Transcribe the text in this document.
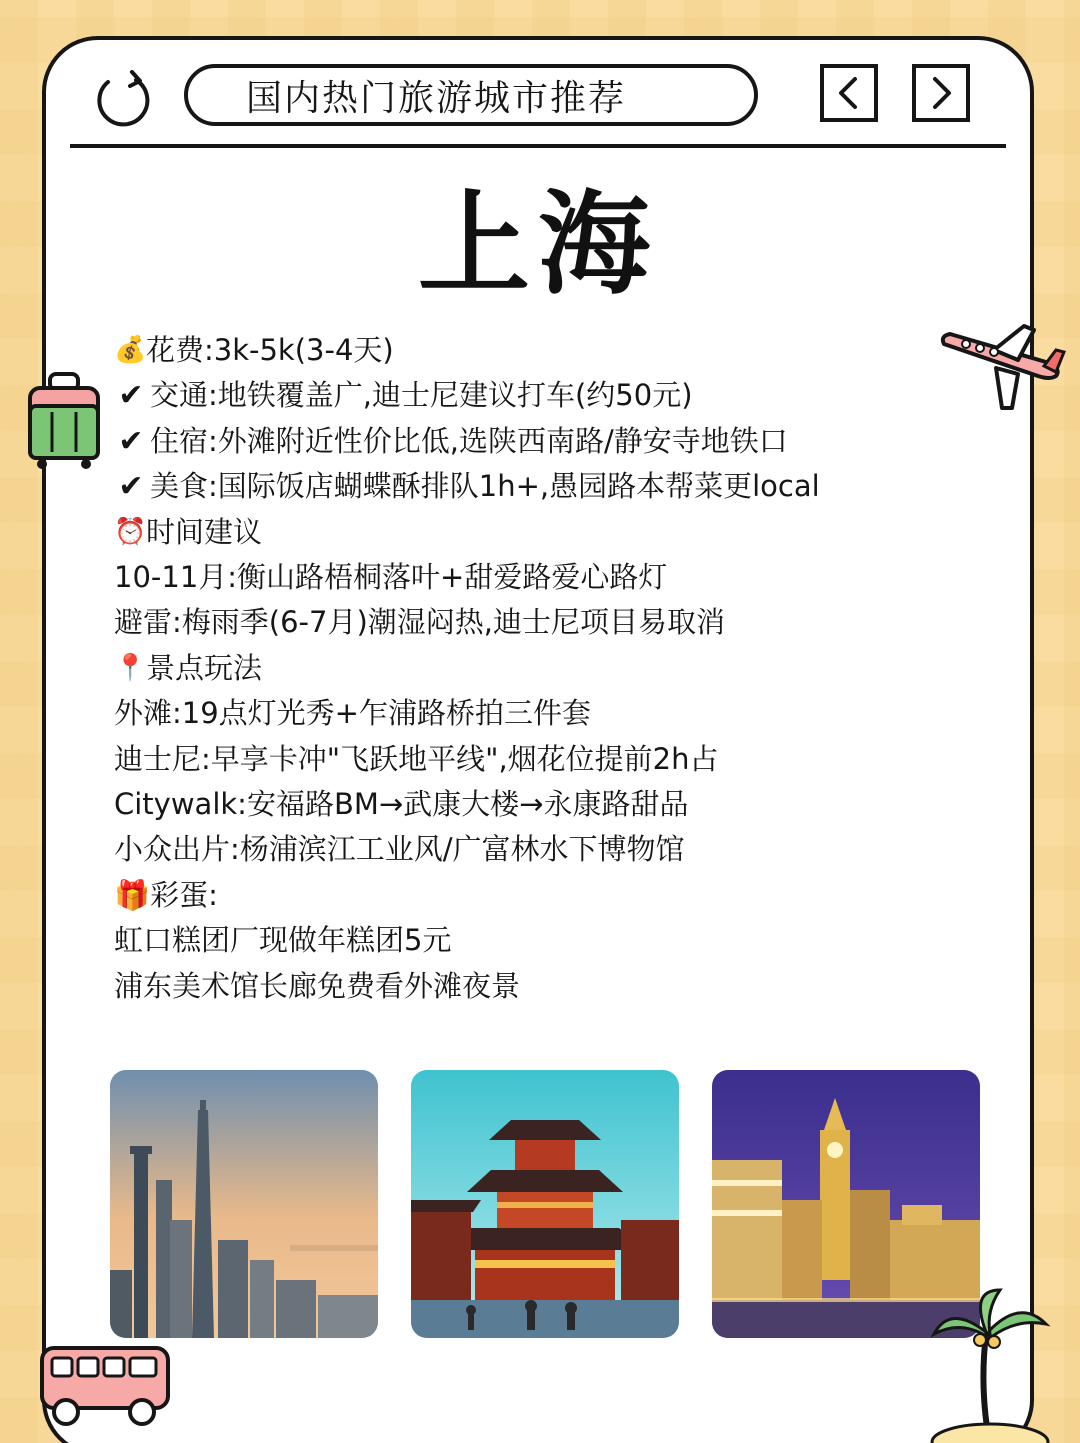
国内热门旅游城市推荐
上海
💰 花费:3k-5k(3-4天)
✔ 交通:地铁覆盖广,迪士尼建议打车(约50元)
✔ 住宿:外滩附近性价比低,选陕西南路/静安寺地铁口
✔ 美食:国际饭店蝴蝶酥排队1h+,愚园路本帮菜更local
⏰ 时间建议
10-11月:衡山路梧桐落叶+甜爱路爱心路灯
避雷:梅雨季(6-7月)潮湿闷热,迪士尼项目易取消
📍 景点玩法
外滩:19点灯光秀+乍浦路桥拍三件套
迪士尼:早享卡冲"飞跃地平线",烟花位提前2h占
Citywalk:安福路BM→武康大楼→永康路甜品
小众出片:杨浦滨江工业风/广富林水下博物馆
🎁彩蛋:
虹口糕团厂现做年糕团5元
浦东美术馆长廊免费看外滩夜景
